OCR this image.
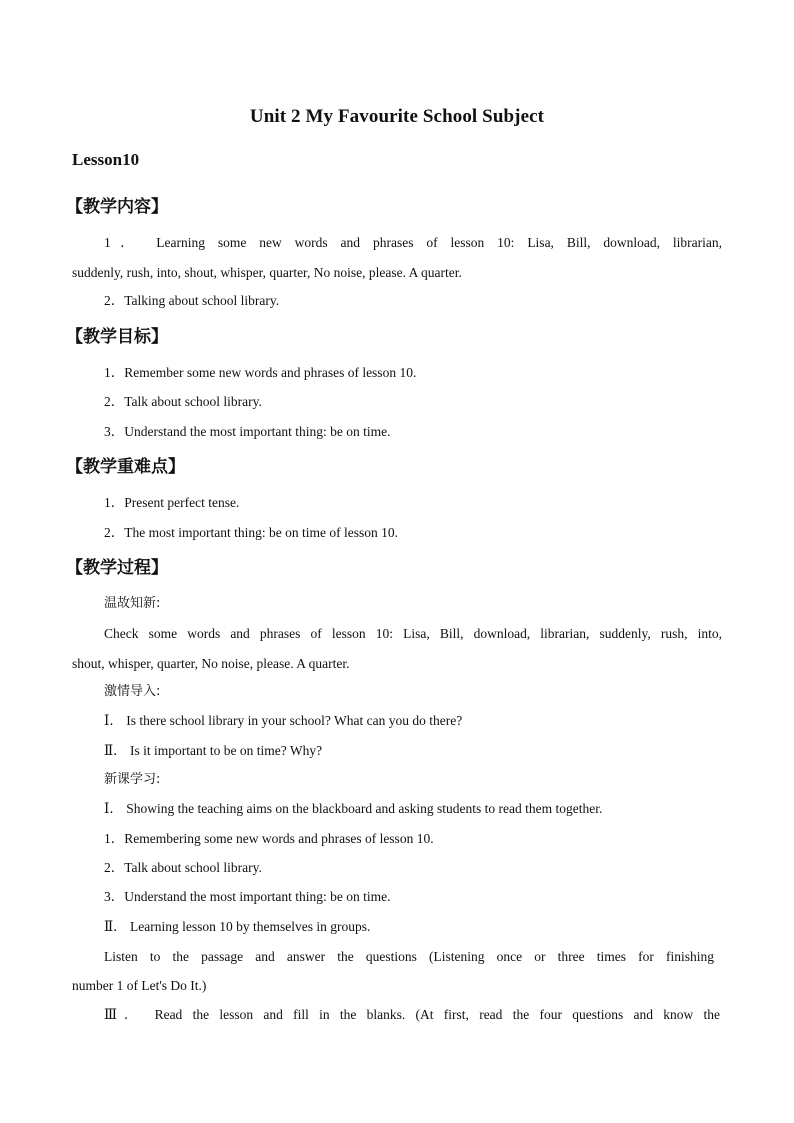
Unit 2 My Favourite School Subject
Lesson10
【教学内容】
1． Learning some new words and phrases of lesson 10: Lisa, Bill, download, librarian,
suddenly, rush, into, shout, whisper, quarter, No noise, please. A quarter.
2．Talking about school library.
【教学目标】
1．Remember some new words and phrases of lesson 10.
2．Talk about school library.
3．Understand the most important thing: be on time.
【教学重难点】
1．Present perfect tense.
2．The most important thing: be on time of lesson 10.
【教学过程】
温故知新:
Check some words and phrases of lesson 10: Lisa, Bill, download, librarian, suddenly, rush, into,
shout, whisper, quarter, No noise, please. A quarter.
激情导入:
Ⅰ． Is there school library in your school? What can you do there?
Ⅱ． Is it important to be on time? Why?
新课学习:
Ⅰ． Showing the teaching aims on the blackboard and asking students to read them together.
1．Remembering some new words and phrases of lesson 10.
2．Talk about school library.
3．Understand the most important thing: be on time.
Ⅱ． Learning lesson 10 by themselves in groups.
Listen to the passage and answer the questions (Listening once or three times for finishing
number 1 of Let's Do It.)
Ⅲ． Read the lesson and fill in the blanks. (At first, read the four questions and know the
